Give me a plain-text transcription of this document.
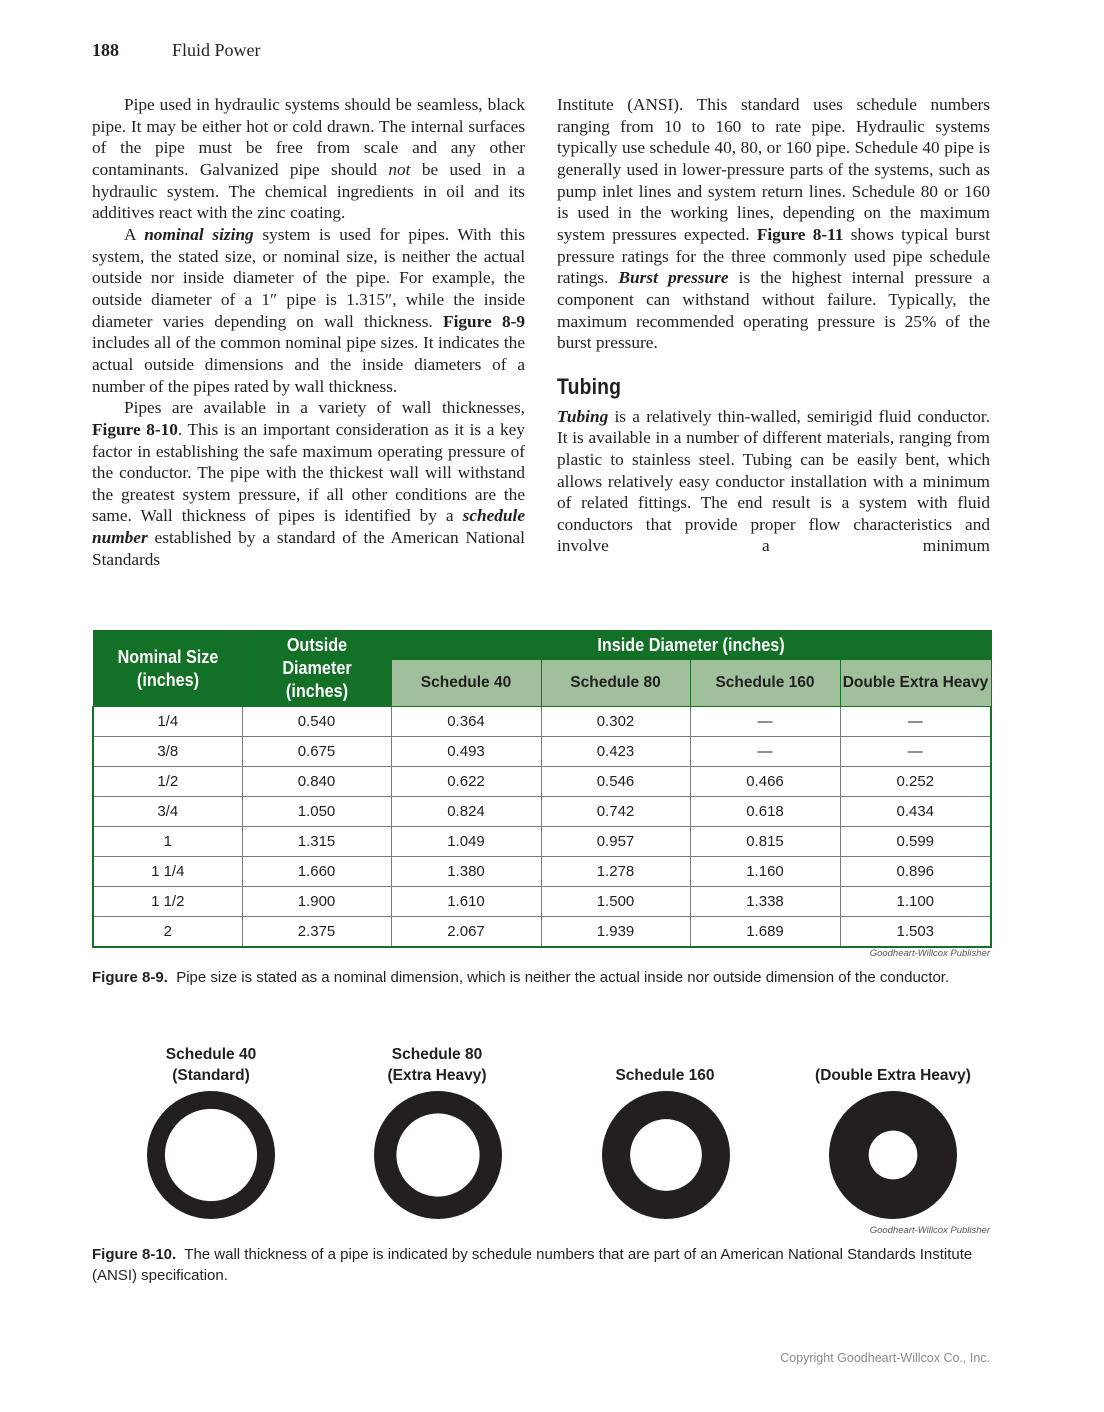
188	Fluid Power

Pipe used in hydraulic systems should be seamless, black pipe. It may be either hot or cold drawn. The internal surfaces of the pipe must be free from scale and any other contaminants. Galvanized pipe should not be used in a hydraulic system. The chemical ingredients in oil and its additives react with the zinc coating.

A nominal sizing system is used for pipes. With this system, the stated size, or nominal size, is neither the actual outside nor inside diameter of the pipe. For example, the outside diameter of a 1″ pipe is 1.315″, while the inside diameter varies depending on wall thickness. Figure 8-9 includes all of the common nominal pipe sizes. It indicates the actual outside dimensions and the inside diameters of a number of the pipes rated by wall thickness.

Pipes are available in a variety of wall thicknesses, Figure 8-10. This is an important consideration as it is a key factor in establishing the safe maximum operating pressure of the conductor. The pipe with the thickest wall will withstand the greatest system pressure, if all other conditions are the same. Wall thickness of pipes is identified by a schedule number established by a standard of the American National Standards

Institute (ANSI). This standard uses schedule numbers ranging from 10 to 160 to rate pipe. Hydraulic systems typically use schedule 40, 80, or 160 pipe. Schedule 40 pipe is generally used in lower-pressure parts of the systems, such as pump inlet lines and system return lines. Schedule 80 or 160 is used in the working lines, depending on the maximum system pressures expected. Figure 8-11 shows typical burst pressure ratings for the three commonly used pipe schedule ratings. Burst pressure is the highest internal pressure a component can withstand without failure. Typically, the maximum recommended operating pressure is 25% of the burst pressure.

Tubing

Tubing is a relatively thin-walled, semirigid fluid conductor. It is available in a number of different materials, ranging from plastic to stainless steel. Tubing can be easily bent, which allows relatively easy conductor installation with a minimum of related fittings. The end result is a system with fluid conductors that provide proper flow characteristics and involve a minimum

Nominal Size (inches)	Outside Diameter (inches)	Inside Diameter (inches)			
		Schedule 40	Schedule 80	Schedule 160	Double Extra Heavy
1/4	0.540	0.364	0.302	—	—
3/8	0.675	0.493	0.423	—	—
1/2	0.840	0.622	0.546	0.466	0.252
3/4	1.050	0.824	0.742	0.618	0.434
1	1.315	1.049	0.957	0.815	0.599
1 1/4	1.660	1.380	1.278	1.160	0.896
1 1/2	1.900	1.610	1.500	1.338	1.100
2	2.375	2.067	1.939	1.689	1.503
Goodheart-Willcox Publisher
Figure 8-9. Pipe size is stated as a nominal dimension, which is neither the actual inside nor outside dimension of the conductor.
Schedule 40
(Standard)
Schedule 80
(Extra Heavy)
	Schedule 160
	(Double Extra Heavy)
Goodheart-Willcox Publisher
Figure 8-10. The wall thickness of a pipe is indicated by schedule numbers that are part of an American National Standards Institute (ANSI) specification.
Copyright Goodheart-Willcox Co., Inc.
